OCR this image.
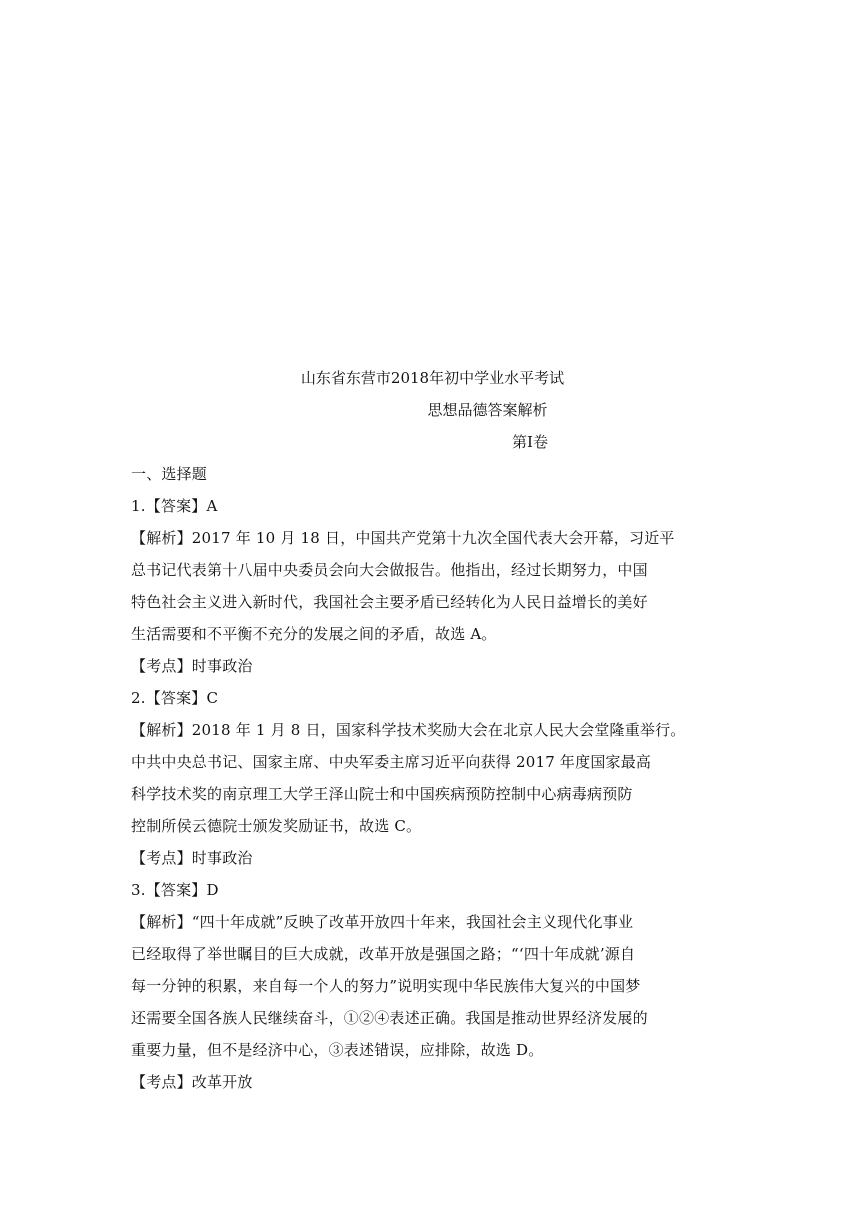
山东省东营市2018年初中学业水平考试
思想品德答案解析
第Ⅰ卷
一、选择题
1.【答案】A
【解析】2017 年 10 月 18 日，中国共产党第十九次全国代表大会开幕，习近平
总书记代表第十八届中央委员会向大会做报告。他指出，经过长期努力，中国
特色社会主义进入新时代，我国社会主要矛盾已经转化为人民日益增长的美好
生活需要和不平衡不充分的发展之间的矛盾，故选 A。
【考点】时事政治
2.【答案】C
【解析】2018 年 1 月 8 日，国家科学技术奖励大会在北京人民大会堂隆重举行。
中共中央总书记、国家主席、中央军委主席习近平向获得 2017 年度国家最高
科学技术奖的南京理工大学王泽山院士和中国疾病预防控制中心病毒病预防
控制所侯云德院士颁发奖励证书，故选 C。
【考点】时事政治
3.【答案】D
【解析】“四十年成就”反映了改革开放四十年来，我国社会主义现代化事业
已经取得了举世瞩目的巨大成就，改革开放是强国之路；“‘四十年成就’源自
每一分钟的积累，来自每一个人的努力”说明实现中华民族伟大复兴的中国梦
还需要全国各族人民继续奋斗，①②④表述正确。我国是推动世界经济发展的
重要力量，但不是经济中心，③表述错误，应排除，故选 D。
【考点】改革开放
